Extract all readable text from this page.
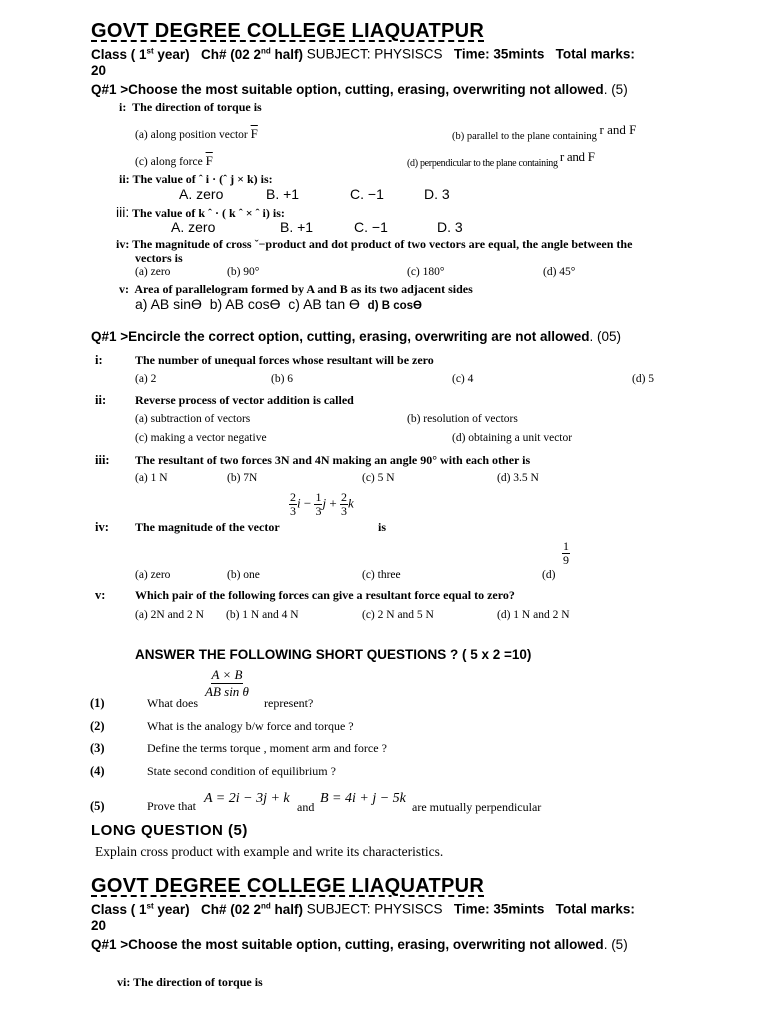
GOVT DEGREE COLLEGE LIAQUATPUR
Class ( 1st year) Ch# (02 2nd half) SUBJECT: PHYSISCS Time: 35mints Total marks:
20
Q#1 >Choose the most suitable option, cutting, erasing, overwriting not allowed. (5)
i: The direction of torque is
(a) along position vector $\overline{F}$	(b) parallel to the plane containing r and F
(c) along force $\overline{F}$	(d) perpendicular to the plane containing r and F
ii: The value of ˆ i · (ˆ j × k) is:
A. zero	B. +1	C. −1	D. 3
iii: The value of k ˆ · ( k ˆ × ˆ i) is:
A. zero	B. +1	C. −1	D. 3
iv: The magnitude of cross ˇ−product and dot product of two vectors are equal, the angle between the
vectors is
(a) zero	(b) 90°	(c) 180°	(d) 45°
v: Area of parallelogram formed by A and B as its two adjacent sides
a) AB sinϴ b) AB cosϴ c) AB tan ϴ d) B cosϴ
Q#1 >Encircle the correct option, cutting, erasing, overwriting are not allowed. (05)
i:	The number of unequal forces whose resultant will be zero
(a) 2	(b) 6	(c) 4	(d) 5
ii: Reverse process of vector addition is called
(a) subtraction of vectors	(b) resolution of vectors
(c) making a vector negative	(d) obtaining a unit vector
iii: The resultant of two forces 3N and 4N making an angle 90° with each other is
(a) 1 N	(b) 7N	(c) 5 N	(d) 3.5 N
$\frac{2}{3}$ $i - \frac{1}{3}$ $j + \frac{2}{3}$ k
iv: The magnitude of the vector	is
$\frac{1}{9}$
(a) zero	(b) one	(c) three	(d)
v: Which pair of the following forces can give a resultant force equal to zero?
(a) 2N and 2 N (b) 1 N and 4 N	(c) 2 N and 5 N	(d) 1 N and 2 N
ANSWER THE FOLLOWING SHORT QUESTIONS ? ( 5 x 2 =10)
$\frac{A \times B}{\text{AB sin θ}}$
(1)	What does	represent?
(2)	What is the analogy b/w force and torque ?
(3)	Define the terms torque , moment arm and force ?
(4)	State second condition of equilibrium ?
(5)	Prove that A = 2i − 3j + k
and
B = 4i + j − 5k
are mutually perpendicular
LONG QUESTION (5)
Explain cross product with example and write its characteristics.
GOVT DEGREE COLLEGE LIAQUATPUR
Class ( 1st year) Ch# (02 2nd half) SUBJECT: PHYSISCS Time: 35mints Total marks:
20
Q#1 >Choose the most suitable option, cutting, erasing, overwriting not allowed. (5)
vi: The direction of torque is
